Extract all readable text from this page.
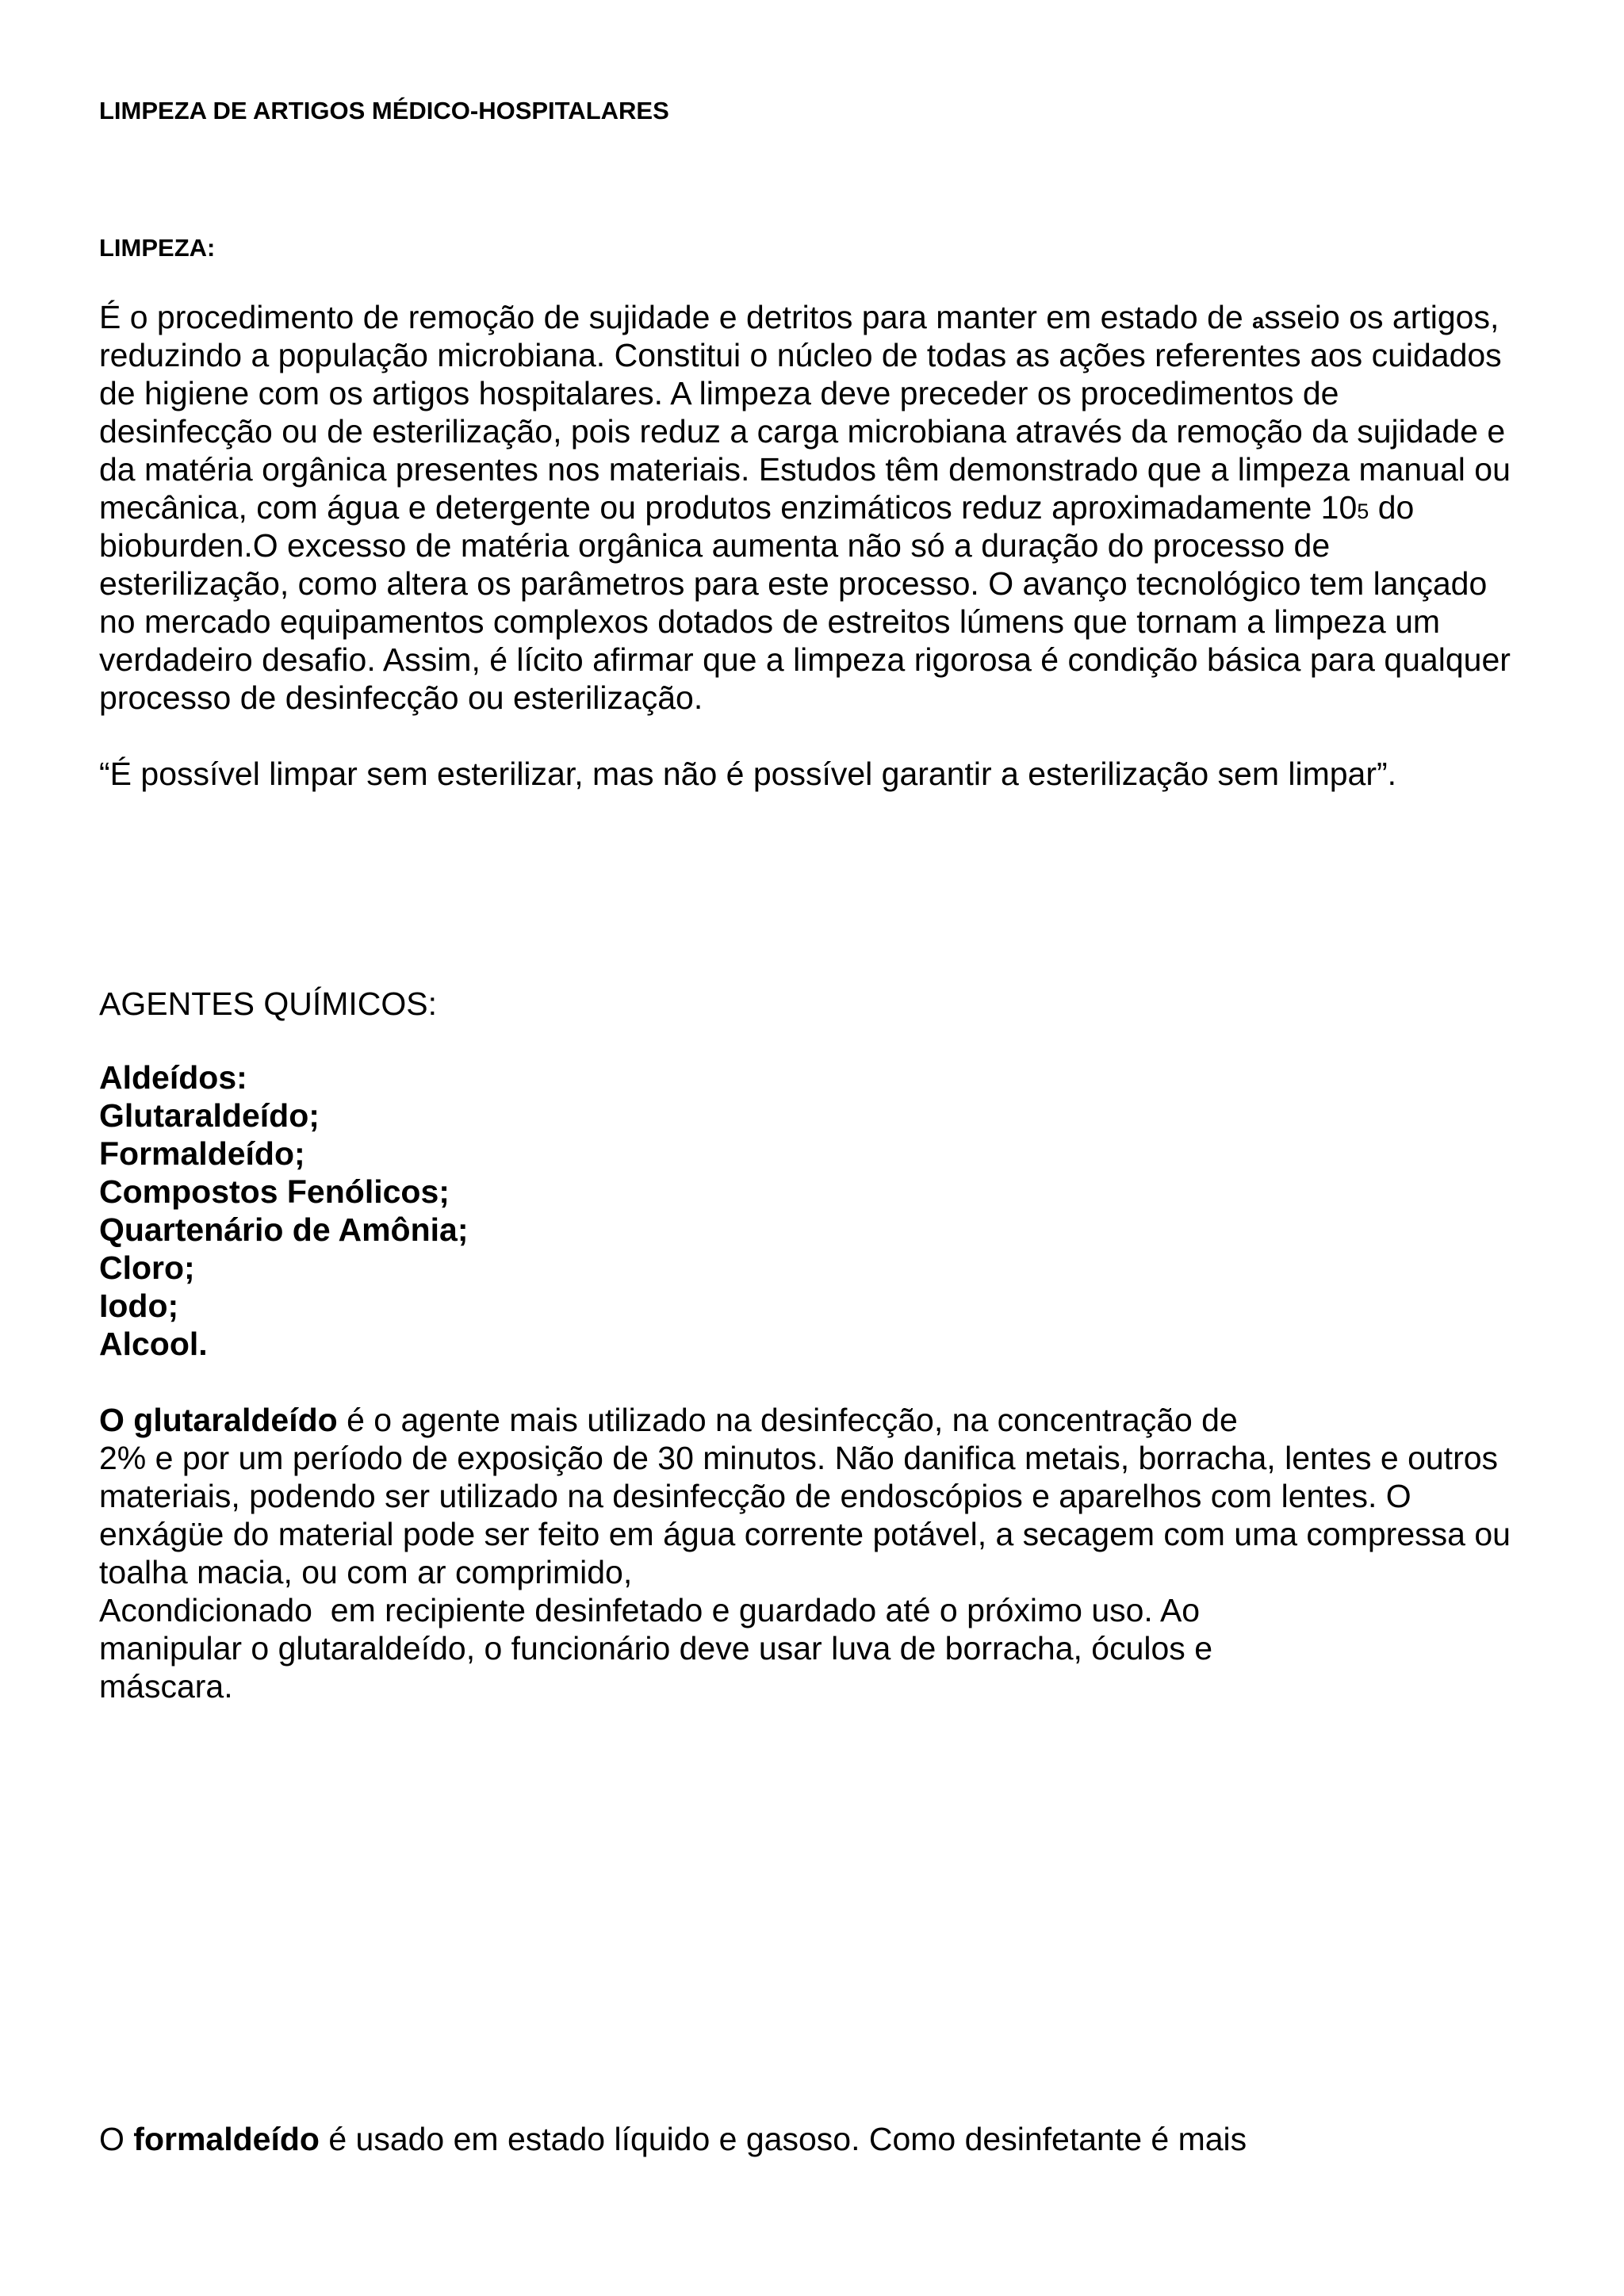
LIMPEZA DE ARTIGOS MÉDICO-HOSPITALARES
LIMPEZA:
É o procedimento de remoção de sujidade e detritos para manter em estado de asseio os artigos,
reduzindo a população microbiana. Constitui o núcleo de todas as ações referentes aos cuidados
de higiene com os artigos hospitalares. A limpeza deve preceder os procedimentos de
desinfecção ou de esterilização, pois reduz a carga microbiana através da remoção da sujidade e
da matéria orgânica presentes nos materiais. Estudos têm demonstrado que a limpeza manual ou
mecânica, com água e detergente ou produtos enzimáticos reduz aproximadamente 105 do
bioburden.O excesso de matéria orgânica aumenta não só a duração do processo de
esterilização, como altera os parâmetros para este processo. O avanço tecnológico tem lançado
no mercado equipamentos complexos dotados de estreitos lúmens que tornam a limpeza um
verdadeiro desafio. Assim, é lícito afirmar que a limpeza rigorosa é condição básica para qualquer
processo de desinfecção ou esterilização.
“É possível limpar sem esterilizar, mas não é possível garantir a esterilização sem limpar”.
AGENTES QUÍMICOS:
Aldeídos:
Glutaraldeído;
Formaldeído;
Compostos Fenólicos;
Quartenário de Amônia;
Cloro;
Iodo;
Alcool.
O glutaraldeído é o agente mais utilizado na desinfecção, na concentração de
2% e por um período de exposição de 30 minutos. Não danifica metais, borracha, lentes e outros
materiais, podendo ser utilizado na desinfecção de endoscópios e aparelhos com lentes. O
enxágüe do material pode ser feito em água corrente potável, a secagem com uma compressa ou
toalha macia, ou com ar comprimido,
Acondicionado  em recipiente desinfetado e guardado até o próximo uso. Ao
manipular o glutaraldeído, o funcionário deve usar luva de borracha, óculos e
máscara.
O formaldeído é usado em estado líquido e gasoso. Como desinfetante é mais
